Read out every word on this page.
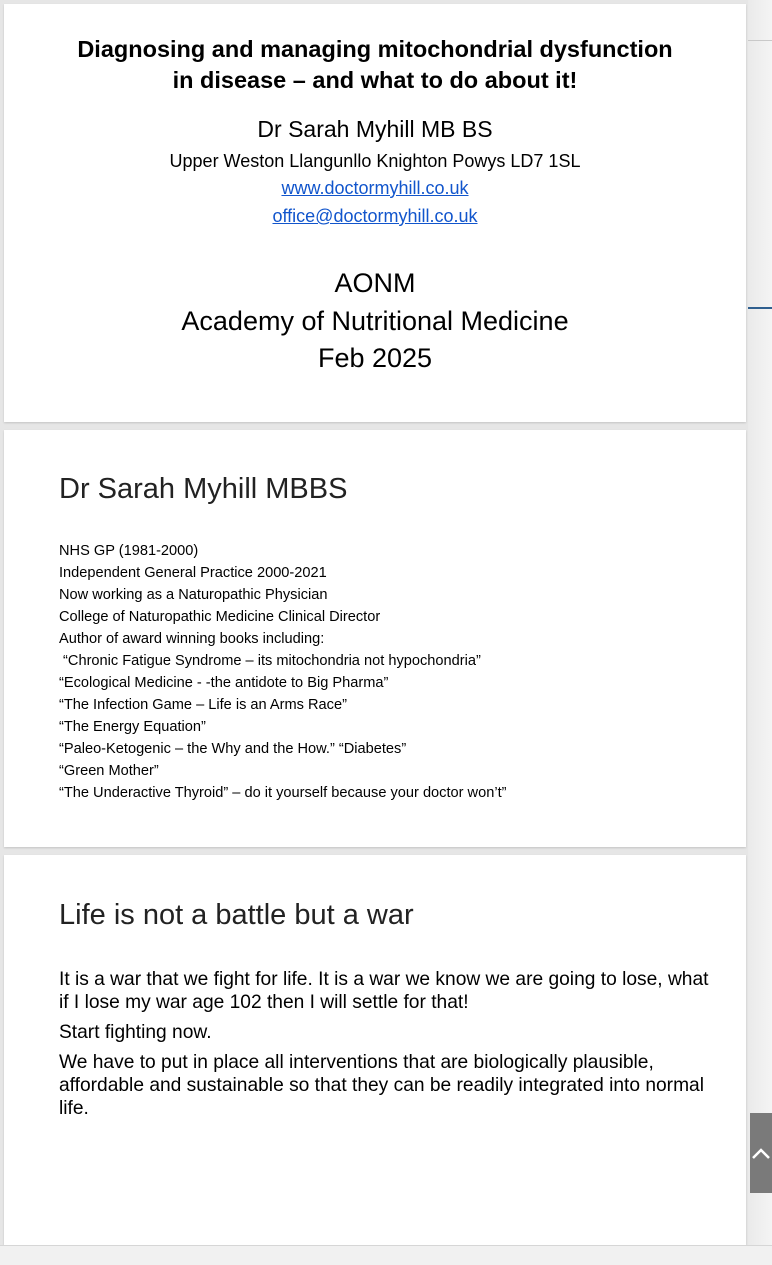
Diagnosing and managing mitochondrial dysfunction
in disease – and what to do about it!
Dr Sarah Myhill MB BS
Upper Weston Llangunllo Knighton Powys LD7 1SL
www.doctormyhill.co.uk
office@doctormyhill.co.uk
AONM
Academy of Nutritional Medicine
Feb 2025
Dr Sarah Myhill MBBS
NHS GP (1981-2000)
Independent General Practice 2000-2021
Now working as a Naturopathic Physician
College of Naturopathic Medicine Clinical Director
Author of award winning books including:
“Chronic Fatigue Syndrome – its mitochondria not hypochondria”
“Ecological Medicine - -the antidote to Big Pharma”
“The Infection Game – Life is an Arms Race”
“The Energy Equation”
“Paleo-Ketogenic – the Why and the How.” “Diabetes”
“Green Mother”
“The Underactive Thyroid” – do it yourself because your doctor won’t”
Life is not a battle but a war

It is a war that we fight for life. It is a war we know we are going to lose, what if I lose my war age 102 then I will settle for that!

Start fighting now.

We have to put in place all interventions that are biologically plausible, affordable and sustainable so that they can be readily integrated into normal life.
